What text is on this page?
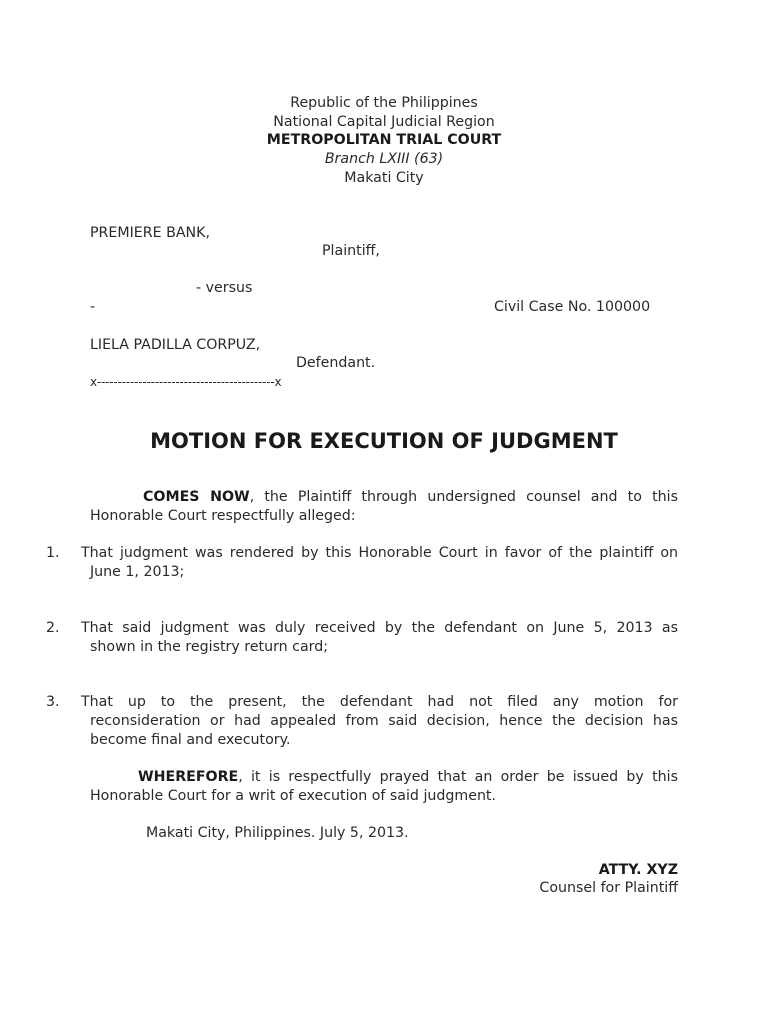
Republic of the Philippines
National Capital Judicial Region
METROPOLITAN TRIAL COURT
Branch LXIII (63)
Makati City
PREMIERE BANK,
Plaintiff,
- versus
-	Civil Case No. 100000
LIELA PADILLA CORPUZ,
Defendant.
x-------------------------------------------x
MOTION FOR EXECUTION OF JUDGMENT
COMES NOW, the Plaintiff through undersigned counsel and to this
Honorable Court respectfully alleged:
1. That judgment was rendered by this Honorable Court in favor of the plaintiff on
June 1, 2013;
2. That said judgment was duly received by the defendant on June 5, 2013 as
shown in the registry return card;
3. That up to the present, the defendant had not filed any motion for
reconsideration or had appealed from said decision, hence the decision has
become final and executory.
WHEREFORE, it is respectfully prayed that an order be issued by this
Honorable Court for a writ of execution of said judgment.
Makati City, Philippines. July 5, 2013.
ATTY. XYZ
Counsel for Plaintiff
